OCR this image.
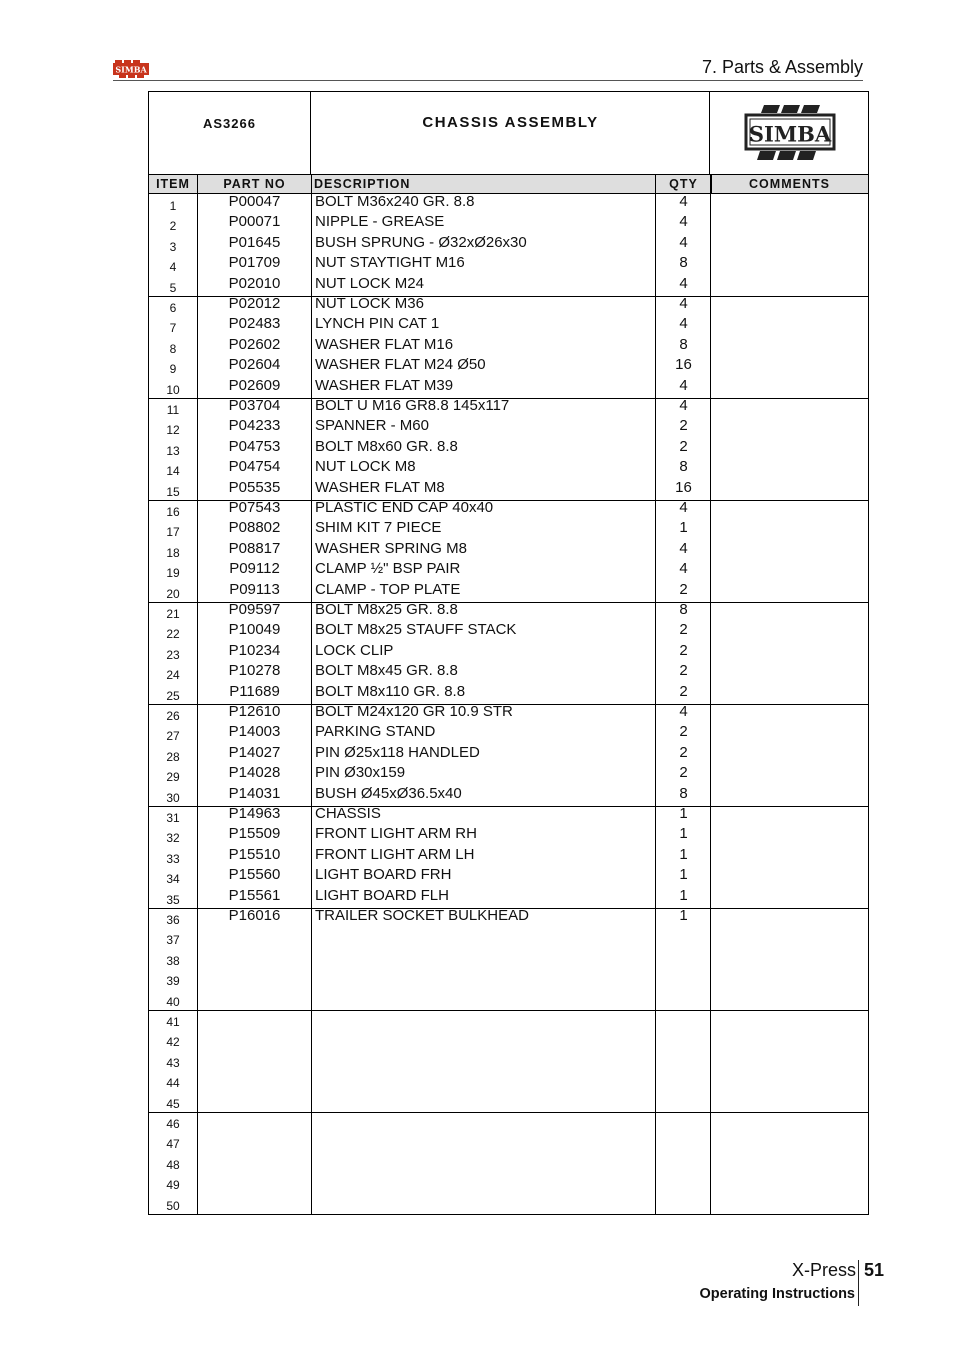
SIMBA	7. Parts & Assembly
AS3266	CHASSIS ASSEMBLY	SIMBA
ITEM	PART NO	DESCRIPTION	QTY	COMMENTS
1	P00047	BOLT M36x240 GR. 8.8	4
2	P00071	NIPPLE - GREASE	4
3	P01645	BUSH SPRUNG - Ø32xØ26x30	4
4	P01709	NUT STAYTIGHT M16	8
5	P02010	NUT LOCK M24	4
6	P02012	NUT LOCK M36	4
7	P02483	LYNCH PIN CAT 1	4
8	P02602	WASHER FLAT M16	8
9	P02604	WASHER FLAT M24 Ø50	16
10	P02609	WASHER FLAT M39	4
11	P03704	BOLT U M16 GR8.8 145x117	4
12	P04233	SPANNER - M60	2
13	P04753	BOLT M8x60 GR. 8.8	2
14	P04754	NUT LOCK M8	8
15	P05535	WASHER FLAT M8	16
16	P07543	PLASTIC END CAP 40x40	4
17	P08802	SHIM KIT 7 PIECE	1
18	P08817	WASHER SPRING M8	4
19	P09112	CLAMP ½" BSP PAIR	4
20	P09113	CLAMP - TOP PLATE	2
21	P09597	BOLT M8x25 GR. 8.8	8
22	P10049	BOLT M8x25 STAUFF STACK	2
23	P10234	LOCK CLIP	2
24	P10278	BOLT M8x45 GR. 8.8	2
25	P11689	BOLT M8x110 GR. 8.8	2
26	P12610	BOLT M24x120 GR 10.9 STR	4
27	P14003	PARKING STAND	2
28	P14027	PIN Ø25x118 HANDLED	2
29	P14028	PIN Ø30x159	2
30	P14031	BUSH Ø45xØ36.5x40	8
31	P14963	CHASSIS	1
32	P15509	FRONT LIGHT ARM RH	1
33	P15510	FRONT LIGHT ARM LH	1
34	P15560	LIGHT BOARD FRH	1
35	P15561	LIGHT BOARD FLH	1
36	P16016	TRAILER SOCKET BULKHEAD	1
37
38
39
40
41
42
43
44
45
46
47
48
49
50
X-Press 51
Operating Instructions
